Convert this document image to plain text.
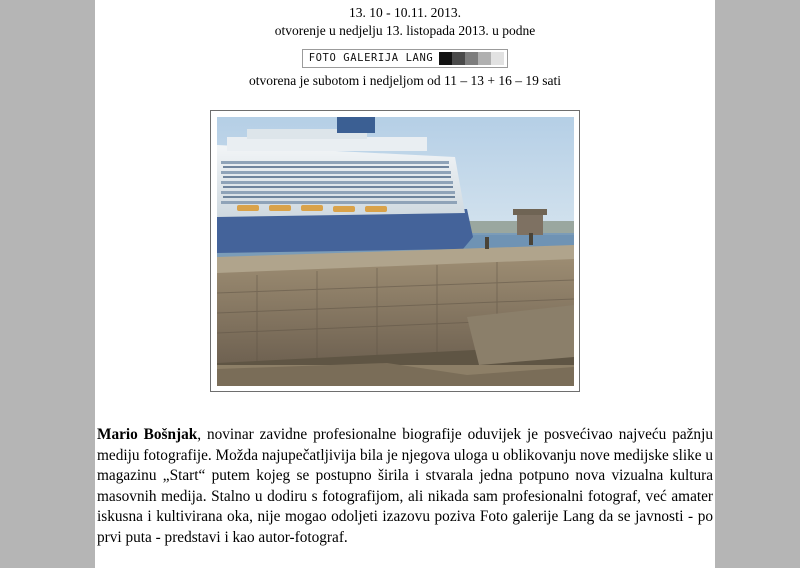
13. 10 - 10.11. 2013.
otvorenje u nedjelju 13. listopada 2013. u podne
FOTO GALERIJA LANG
otvorena je subotom i nedjeljom od 11 – 13 + 16 – 19 sati
Mario Bošnjak, novinar zavidne profesionalne biografije oduvijek je posvećivao najveću pažnju mediju fotografije. Možda najupečatljivija bila je njegova uloga u oblikovanju nove medijske slike u magazinu „Start“ putem kojeg se postupno širila i stvarala jedna potpuno nova vizualna kultura masovnih medija. Stalno u dodiru s fotografijom, ali nikada sam profesionalni fotograf, već amater iskusna i kultivirana oka, nije mogao odoljeti izazovu poziva Foto galerije Lang da se javnosti - po prvi puta - predstavi i kao autor-fotograf.
